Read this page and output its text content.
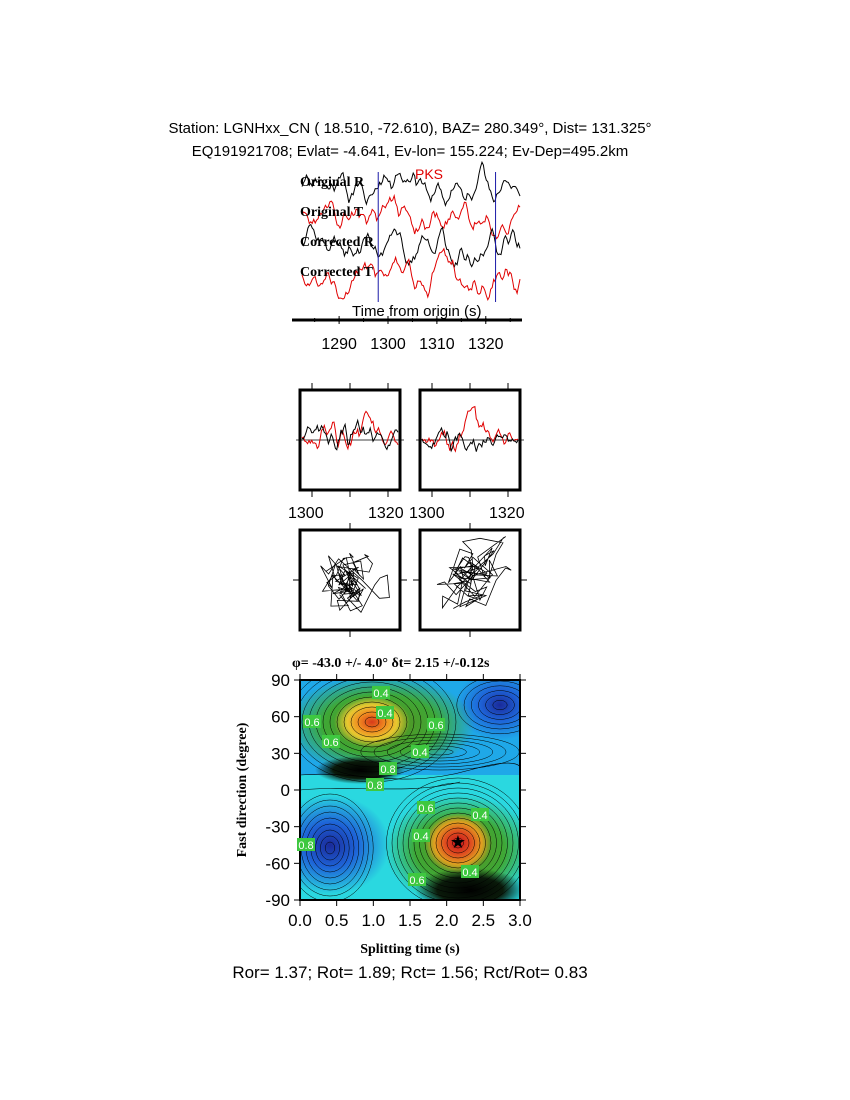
Station: LGNHxx_CN ( 18.510, -72.610), BAZ= 280.349°, Dist= 131.325°
EQ191921708; Evlat= -4.641, Ev-lon= 155.224; Ev-Dep=495.2km
Original R
Original T
Corrected R
Corrected T
PKS
Time from origin (s)
1290 1300 1310 1320
1300	1320 1300	1320
φ= -43.0 +/- 4.0° δt= 2.15 +/-0.12s
0.4
0.4
0.6
0.4
0.6
0.8
0.6
0.8
0.8
0.6
0.4
0.4
0.6
0.4
★
0.0 0.5 1.0 1.5 2.0 2.5 3.0
90
60
30
0
-30
-60
-90
Splitting time (s)
Fast direction (degree)
Ror= 1.37; Rot= 1.89; Rct= 1.56; Rct/Rot= 0.83
